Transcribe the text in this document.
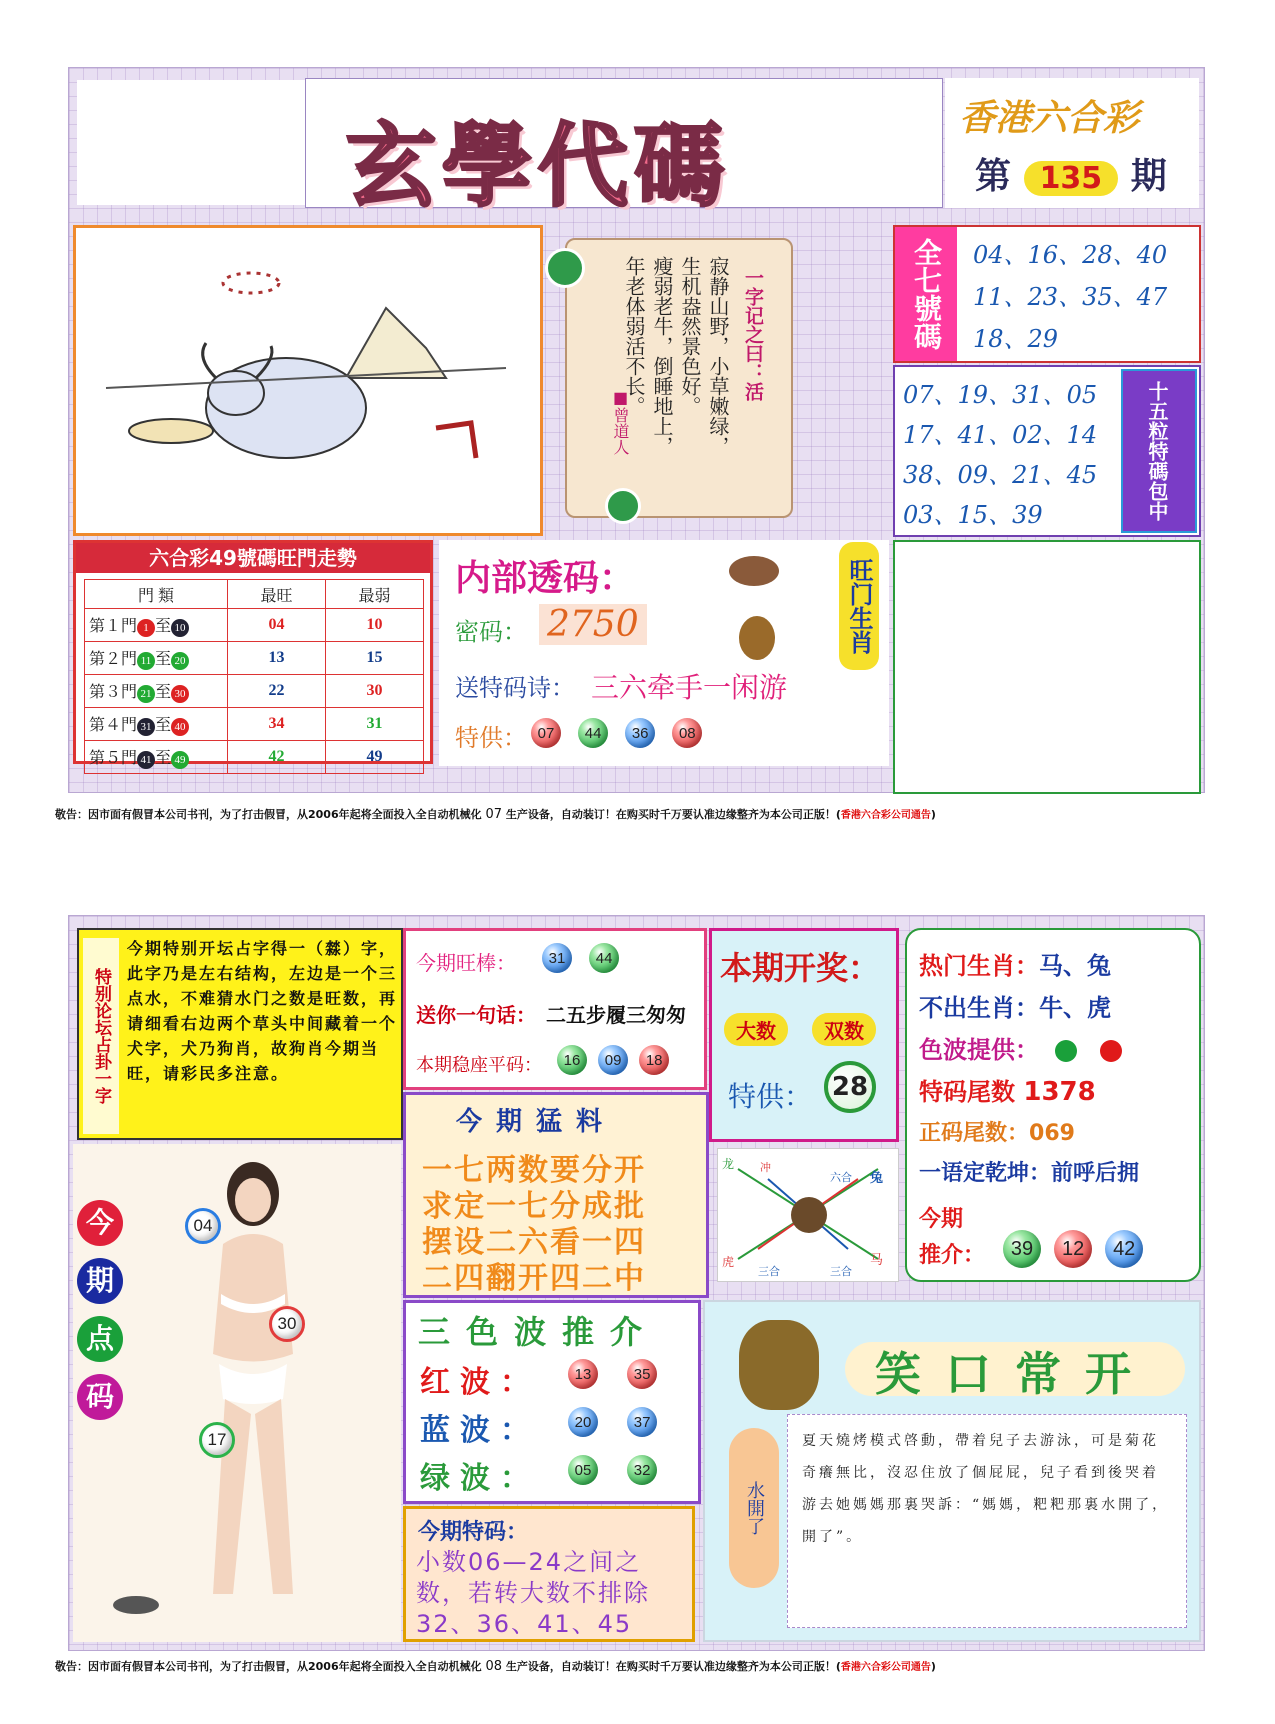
玄學代碼	香港六合彩
第 135 期
一字记之曰：活
寂静山野，小草嫩绿，
生机盎然景色好。
瘦弱老牛，倒睡地上，
年老体弱活不长。
■曾道人
全七號碼	04、16、28、40
11、23、35、47
18、29
07、19、31、05
17、41、02、14
38、09、21、45
03、15、39	十五粒特碼包中
六合彩49號碼旺門走勢
門 類	最旺	最弱
第１門 1 至 10	04	10
第２門 11 至 20	13	15
第３門 21 至 30	22	30
第４門 31 至 40	34	31
第５門 41 至 49	42	49
内部透码：
密码： 2750
送特码诗： 三六牵手一闲游
特供： 07 44 36 08
旺门生肖
敬告：因市面有假冒本公司书刊，为了打击假冒，从2006年起将全面投入全自动机械化 07 生产设备，自动装订！在购买时千万要认准边缘整齐为本公司正版！(香港六合彩公司通告)
特别论坛占卦一字
今期特别开坛占字得一（㵘）字，此字乃是左右结构，左边是一个三点水，不难猜水门之数是旺数，再请细看右边两个草头中间藏着一个犬字，犬乃狗肖，故狗肖今期当旺，请彩民多注意。
今期旺棒：	31 44
送你一句话： 二五步履三匆匆
本期稳座平码：	16 09 18
本期开奖：
大数	双数
特供： 28
热门生肖：马、兔
不出生肖：牛、虎
色波提供：
特码尾数 1378
正码尾数：069
一语定乾坤：前呼后拥
今期
推介：	39 12 42
今期猛料
一七两数要分开
求定一七分成批
摆设二六看一四
二四翻开四二中
龙 冲
六合 兔
虎
三合	三合
马
今
期
点
码
04
30
17
三色波推介
红波：	13	35
蓝波：	20	37
绿波：	05	32
今期特码：
小数06—24之间之数，若转大数不排除32、36、41、45
笑口常开
水開了
夏天燒烤模式啓動，帶着兒子去游泳，可是菊花奇癢無比，沒忍住放了個屁屁，兒子看到後哭着游去她媽媽那裏哭訴：“媽媽，粑粑那裏水開了，開了”。
敬告：因市面有假冒本公司书刊，为了打击假冒，从2006年起将全面投入全自动机械化 08 生产设备，自动装订！在购买时千万要认准边缘整齐为本公司正版！(香港六合彩公司通告)
